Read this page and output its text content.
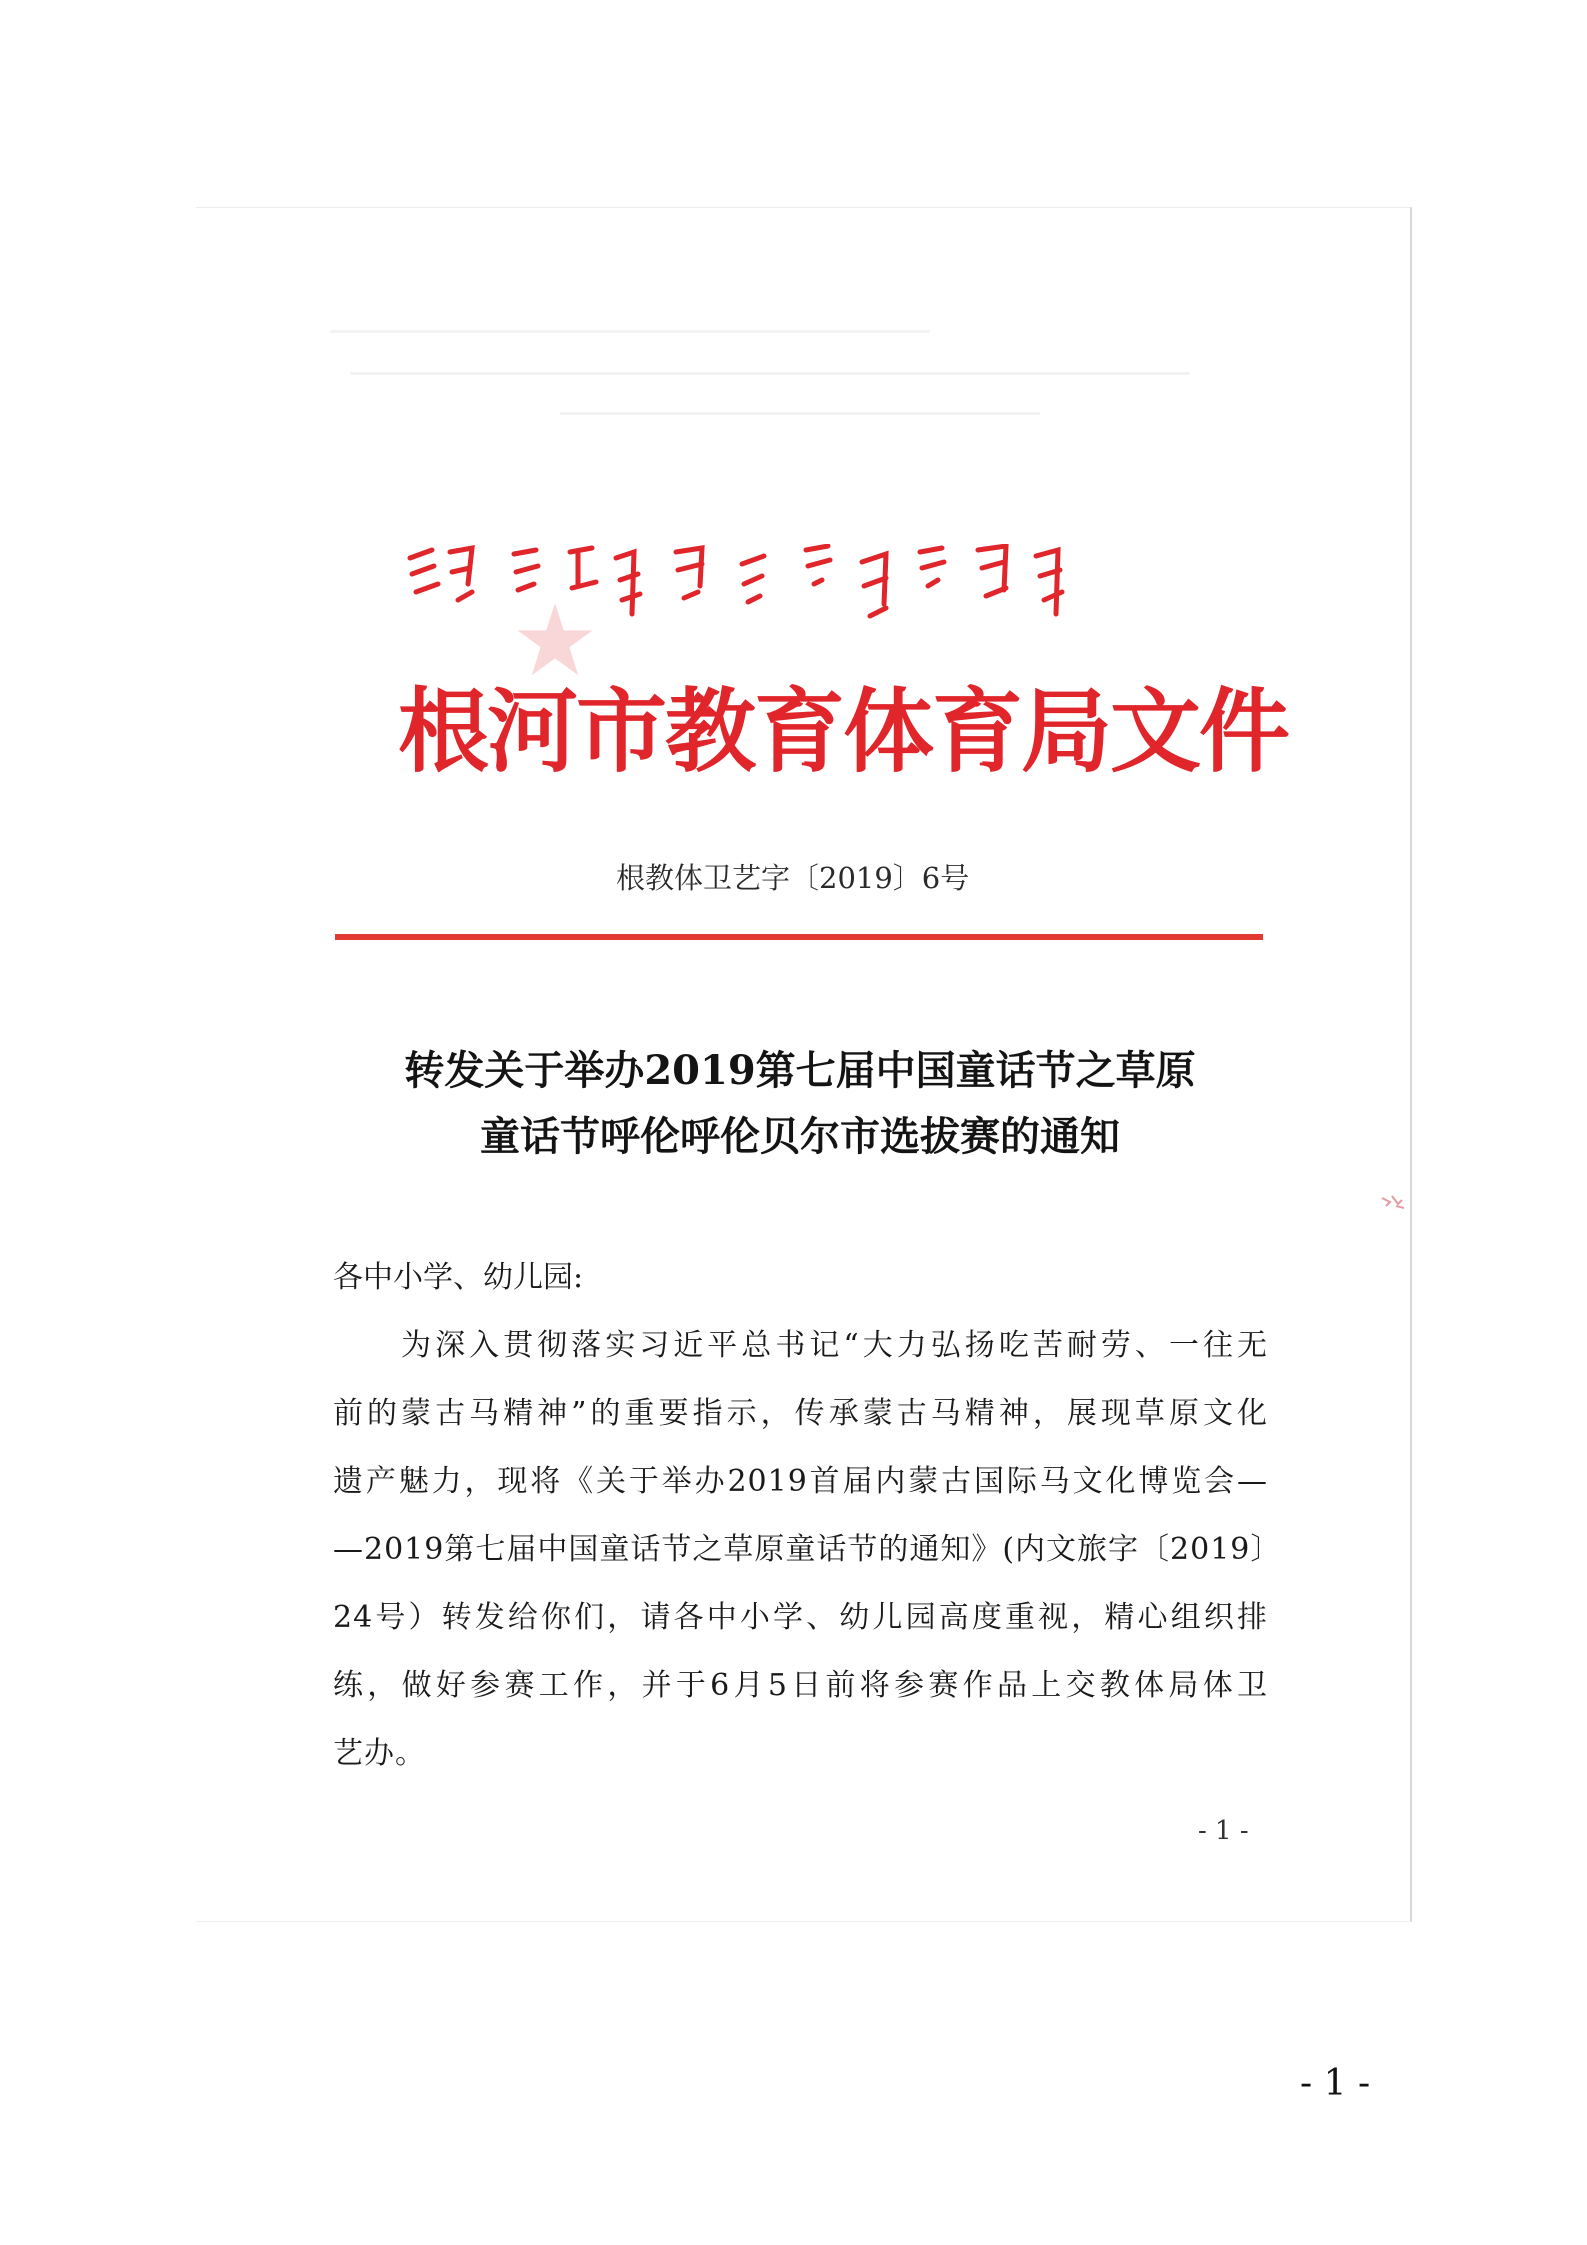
根河市教育体育局文件
根教体卫艺字〔2019〕6号
转发关于举办2019第七届中国童话节之草原
童话节呼伦呼伦贝尔市选拔赛的通知
各中小学、幼儿园:
　　为深入贯彻落实习近平总书记“大力弘扬吃苦耐劳、一往无
前的蒙古马精神”的重要指示，传承蒙古马精神，展现草原文化
遗产魅力，现将《关于举办2019首届内蒙古国际马文化博览会—
—2019第七届中国童话节之草原童话节的通知》(内文旅字〔2019〕
24号）转发给你们，请各中小学、幼儿园高度重视，精心组织排
练，做好参赛工作，并于6月5日前将参赛作品上交教体局体卫
艺办。
- 1 -
- 1 -
